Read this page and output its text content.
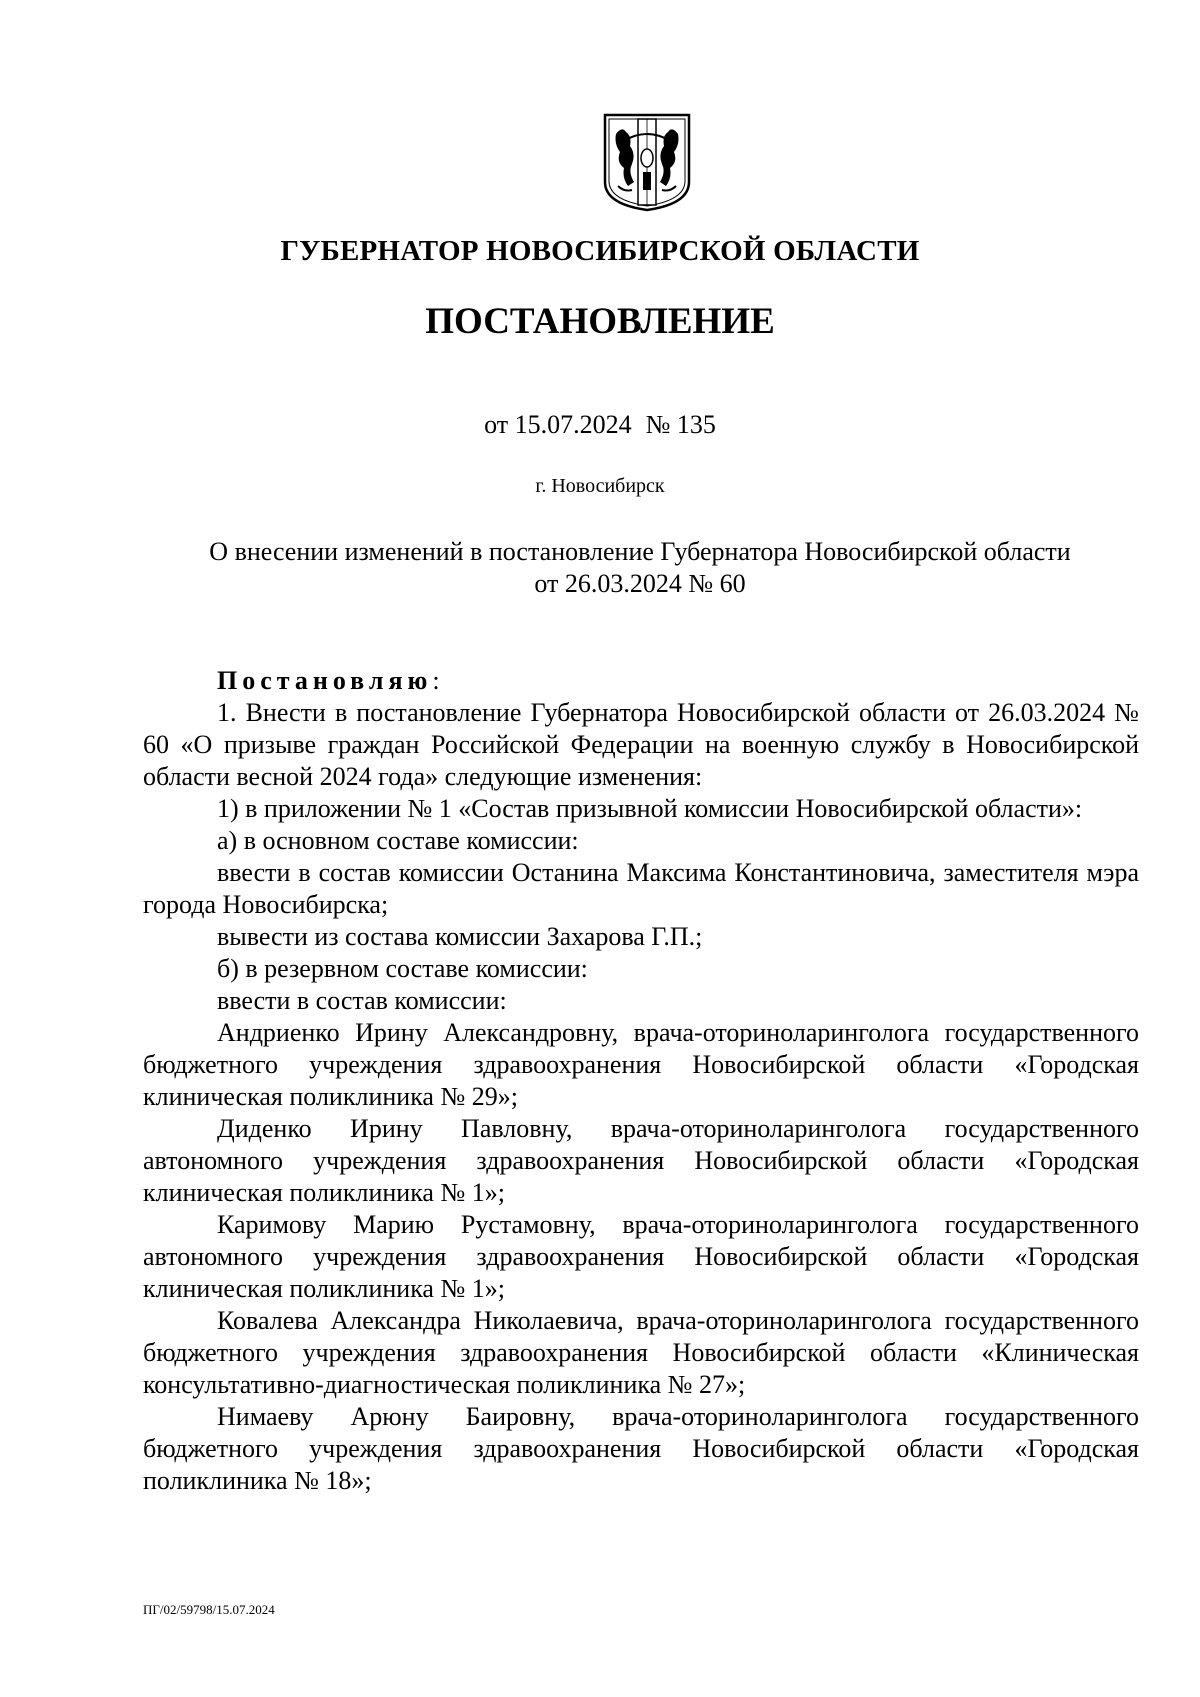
ГУБЕРНАТОР НОВОСИБИРСКОЙ ОБЛАСТИ
ПОСТАНОВЛЕНИЕ
от 15.07.2024 № 135
г. Новосибирск
О внесении изменений в постановление Губернатора Новосибирской области
от 26.03.2024 № 60

Постановляю:

1. Внести в постановление Губернатора Новосибирской области от 26.03.2024 № 60 «О призыве граждан Российской Федерации на военную службу в Новосибирской области весной 2024 года» следующие изменения:

1) в приложении № 1 «Состав призывной комиссии Новосибирской области»:

а) в основном составе комиссии:

ввести в состав комиссии Останина Максима Константиновича, заместителя мэра города Новосибирска;

вывести из состава комиссии Захарова Г.П.;

б) в резервном составе комиссии:

ввести в состав комиссии:

Андриенко Ирину Александровну, врача-оториноларинголога государственного бюджетного учреждения здравоохранения Новосибирской области «Городская клиническая поликлиника № 29»;

Диденко Ирину Павловну, врача-оториноларинголога государственного автономного учреждения здравоохранения Новосибирской области «Городская клиническая поликлиника № 1»;

Каримову Марию Рустамовну, врача-оториноларинголога государственного автономного учреждения здравоохранения Новосибирской области «Городская клиническая поликлиника № 1»;

Ковалева Александра Николаевича, врача-оториноларинголога государственного бюджетного учреждения здравоохранения Новосибирской области «Клиническая консультативно-диагностическая поликлиника № 27»;

Нимаеву Арюну Баировну, врача-оториноларинголога государственного бюджетного учреждения здравоохранения Новосибирской области «Городская поликлиника № 18»;

ПГ/02/59798/15.07.2024
